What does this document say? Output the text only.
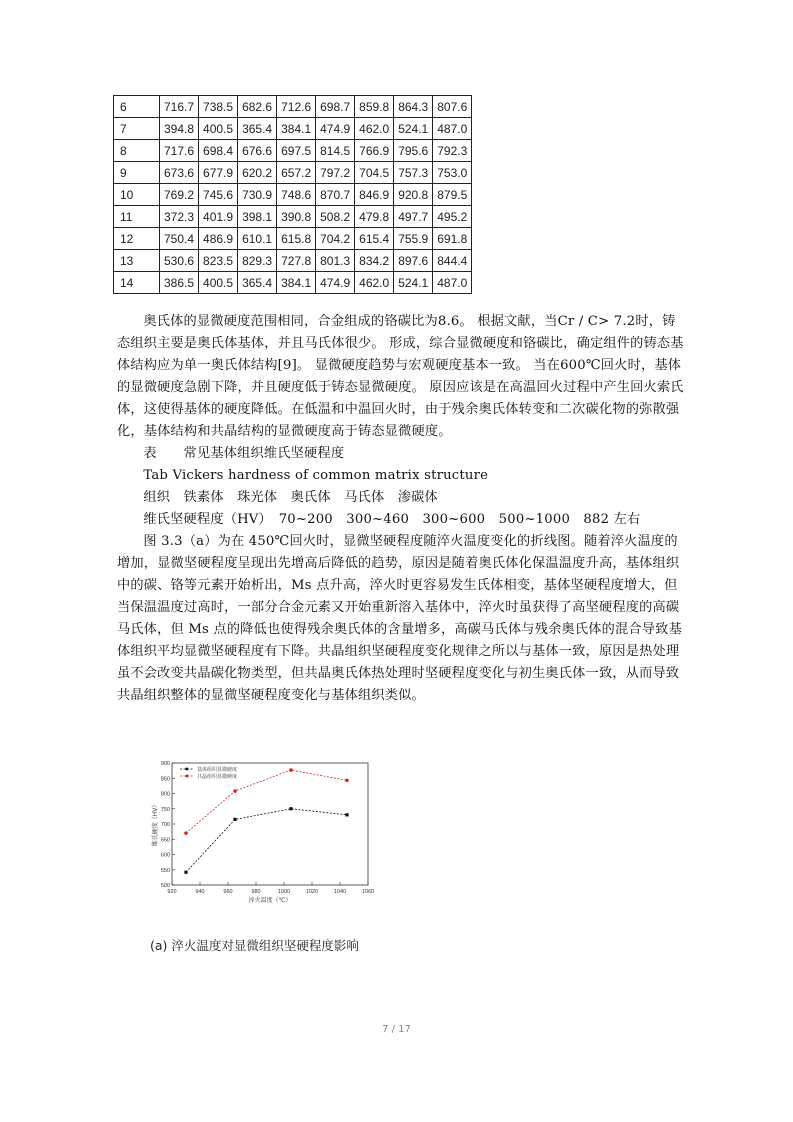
6	716.7	738.5	682.6	712.6	698.7	859.8	864.3	807.6
7	394.8	400.5	365.4	384.1	474.9	462.0	524.1	487.0
8	717.6	698.4	676.6	697.5	814.5	766.9	795.6	792.3
9	673.6	677.9	620.2	657.2	797.2	704.5	757.3	753.0
10	769.2	745.6	730.9	748.6	870.7	846.9	920.8	879.5
11	372.3	401.9	398.1	390.8	508.2	479.8	497.7	495.2
12	750.4	486.9	610.1	615.8	704.2	615.4	755.9	691.8
13	530.6	823.5	829.3	727.8	801.3	834.2	897.6	844.4
14	386.5	400.5	365.4	384.1	474.9	462.0	524.1	487.0

奥氏体的显微硬度范围相同，合金组成的铬碳比为8.6。 根据文献，当Cr / C> 7.2时，铸态组织主要是奥氏体基体，并且马氏体很少。 形成，综合显微硬度和铬碳比，确定组件的铸态基体结构应为单一奥氏体结构[9]。 显微硬度趋势与宏观硬度基本一致。 当在600℃回火时，基体的显微硬度急剧下降，并且硬度低于铸态显微硬度。 原因应该是在高温回火过程中产生回火索氏体，这使得基体的硬度降低。在低温和中温回火时，由于残余奥氏体转变和二次碳化物的弥散强化，基体结构和共晶结构的显微硬度高于铸态显微硬度。

表　　常见基体组织维氏坚硬程度

Tab Vickers hardness of common matrix structure

组织　铁素体　珠光体　奥氏体　马氏体　渗碳体

维氏坚硬程度（HV）　70~200　300~460　300~600　500~1000　882 左右

图 3.3（a）为在 450℃回火时，显微坚硬程度随淬火温度变化的折线图。随着淬火温度的增加，显微坚硬程度呈现出先增高后降低的趋势，原因是随着奥氏体化保温温度升高，基体组织中的碳、铬等元素开始析出，Ms 点升高，淬火时更容易发生氏体相变，基体坚硬程度增大，但当保温温度过高时，一部分合金元素又开始重新溶入基体中，淬火时虽获得了高坚硬程度的高碳马氏体，但 Ms 点的降低也使得残余奥氏体的含量增多，高碳马氏体与残余奥氏体的混合导致基体组织平均显微坚硬程度有下降。共晶组织坚硬程度变化规律之所以与基体一致，原因是热处理虽不会改变共晶碳化物类型，但共晶奥氏体热处理时坚硬程度变化与初生奥氏体一致，从而导致共晶组织整体的显微坚硬程度变化与基体组织类似。

920	940	960	980	1000	1020	1040	1060
500
550
600
650
700
750
800
850
900
淬火温度（℃）
维氏硬度（HV）
基体组织显微硬度
共晶组织显微硬度
(a) 淬火温度对显微组织坚硬程度影响
7 / 17
